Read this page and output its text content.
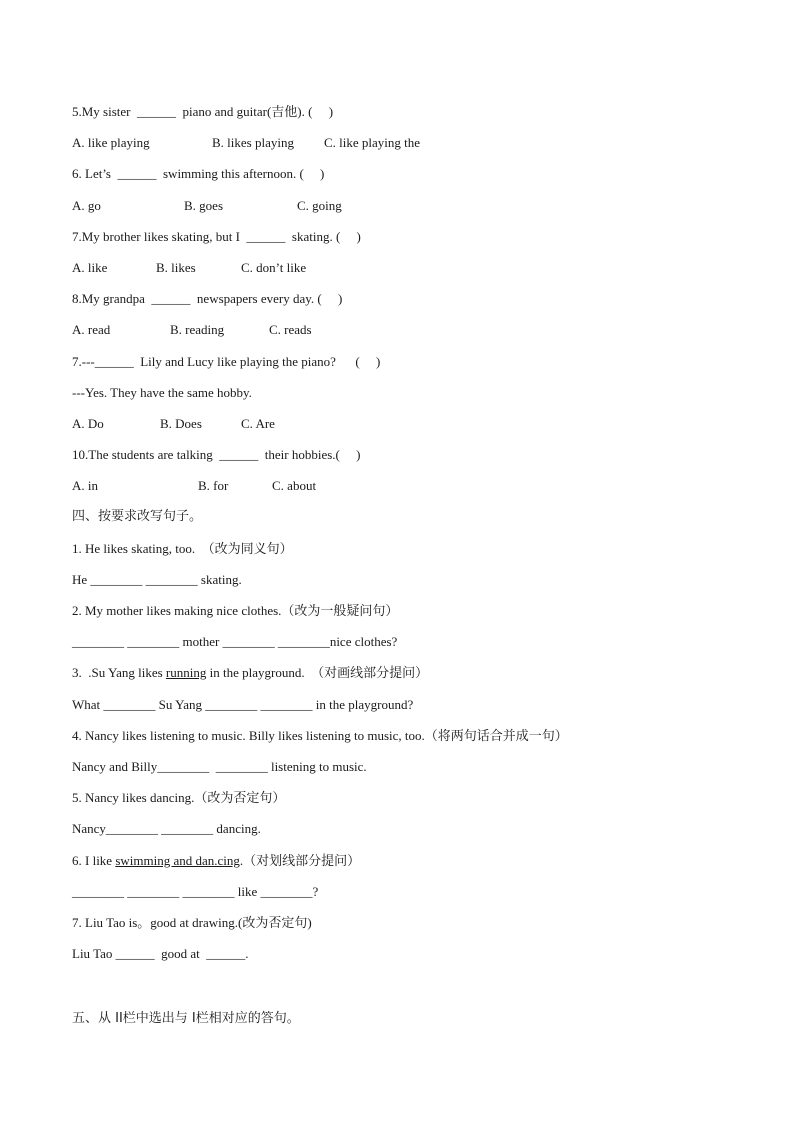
5.My sister  ______  piano and guitar(吉他). (     )
A. like playing	B. likes playing C. like playing the
6. Let’s  ______  swimming this afternoon. (     )
A. go	B. goes	C. going
7.My brother likes skating, but I  ______  skating. (     )
A. like	B. likes	C. don’t like
8.My grandpa  ______  newspapers every day. (     )
A. read	B. reading	C. reads
7.---______  Lily and Lucy like playing the piano?      (     )
---Yes. They have the same hobby.
A. Do	B. Does	C. Are
10.The students are talking  ______  their hobbies.(     )
A. in	B. for	C. about
四、按要求改写句子。
1. He likes skating, too.  （改为同义句）
He ________ ________ skating.
2. My mother likes making nice clothes.（改为一般疑问句）
________ ________ mother ________ ________nice clothes?
3.  .Su Yang likes running in the playground.  （对画线部分提问）
What ________ Su Yang ________ ________ in the playground?
4. Nancy likes listening to music. Billy likes listening to music, too.（将两句话合并成一句）
Nancy and Billy________  ________ listening to music.
5. Nancy likes dancing.（改为否定句）
Nancy________ ________ dancing.
6. I like swimming and dan.cing.（对划线部分提问）
________ ________ ________ like ________?
7. Liu Tao is。good at drawing.(改为否定句)
Liu Tao ______  good at  ______.
五、从 II栏中选出与 I栏相对应的答句。
